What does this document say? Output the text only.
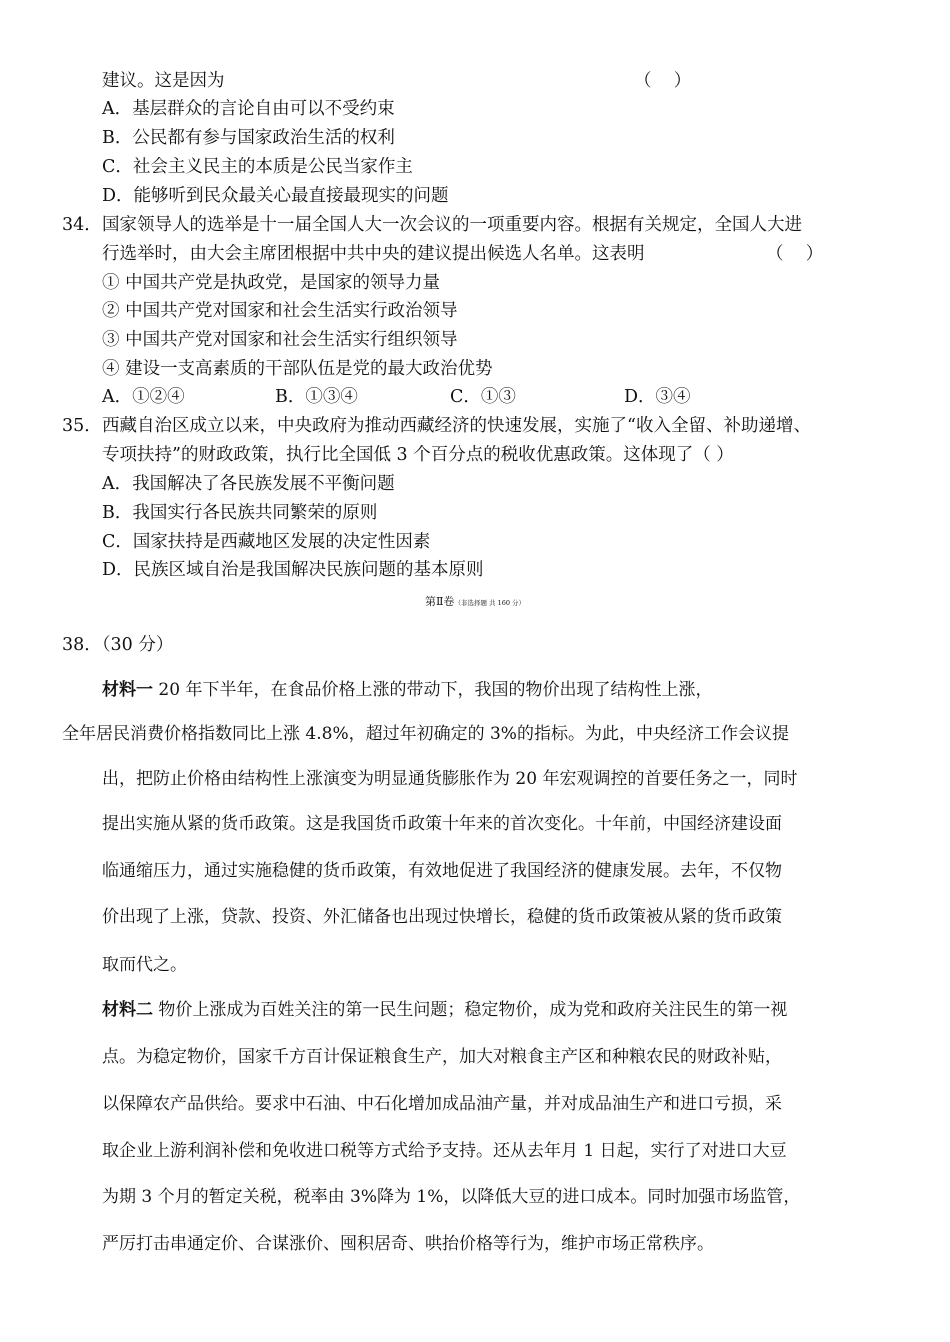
建议。这是因为	（    ）
A．基层群众的言论自由可以不受约束
B．公民都有参与国家政治生活的权利
C．社会主义民主的本质是公民当家作主
D．能够听到民众最关心最直接最现实的问题
34． 国家领导人的选举是十一届全国人大一次会议的一项重要内容。根据有关规定，全国人大进
行选举时，由大会主席团根据中共中央的建议提出候选人名单。这表明	（    ）
① 中国共产党是执政党，是国家的领导力量
② 中国共产党对国家和社会生活实行政治领导
③ 中国共产党对国家和社会生活实行组织领导
④ 建设一支高素质的干部队伍是党的最大政治优势
A．①②④	B．①③④	C．①③	D．③④
35． 西藏自治区成立以来，中央政府为推动西藏经济的快速发展，实施了“收入全留、补助递增、
专项扶持”的财政政策，执行比全国低 3 个百分点的税收优惠政策。这体现了（ ）
A．我国解决了各民族发展不平衡问题
B．我国实行各民族共同繁荣的原则
C．国家扶持是西藏地区发展的决定性因素
D．民族区域自治是我国解决民族问题的基本原则
第Ⅱ卷（非选择题 共 160 分）
38．（30 分）
材料一 20 年下半年，在食品价格上涨的带动下，我国的物价出现了结构性上涨，
全年居民消费价格指数同比上涨 4.8%，超过年初确定的 3%的指标。为此，中央经济工作会议提
出，把防止价格由结构性上涨演变为明显通货膨胀作为 20 年宏观调控的首要任务之一，同时
提出实施从紧的货币政策。这是我国货币政策十年来的首次变化。十年前，中国经济建设面
临通缩压力，通过实施稳健的货币政策，有效地促进了我国经济的健康发展。去年，不仅物
价出现了上涨，贷款、投资、外汇储备也出现过快增长，稳健的货币政策被从紧的货币政策
取而代之。
材料二 物价上涨成为百姓关注的第一民生问题；稳定物价，成为党和政府关注民生的第一视
点。为稳定物价，国家千方百计保证粮食生产，加大对粮食主产区和种粮农民的财政补贴，
以保障农产品供给。要求中石油、中石化增加成品油产量，并对成品油生产和进口亏损，采
取企业上游利润补偿和免收进口税等方式给予支持。还从去年月 1 日起，实行了对进口大豆
为期 3 个月的暂定关税，税率由 3%降为 1%，以降低大豆的进口成本。同时加强市场监管，
严厉打击串通定价、合谋涨价、囤积居奇、哄抬价格等行为，维护市场正常秩序。
